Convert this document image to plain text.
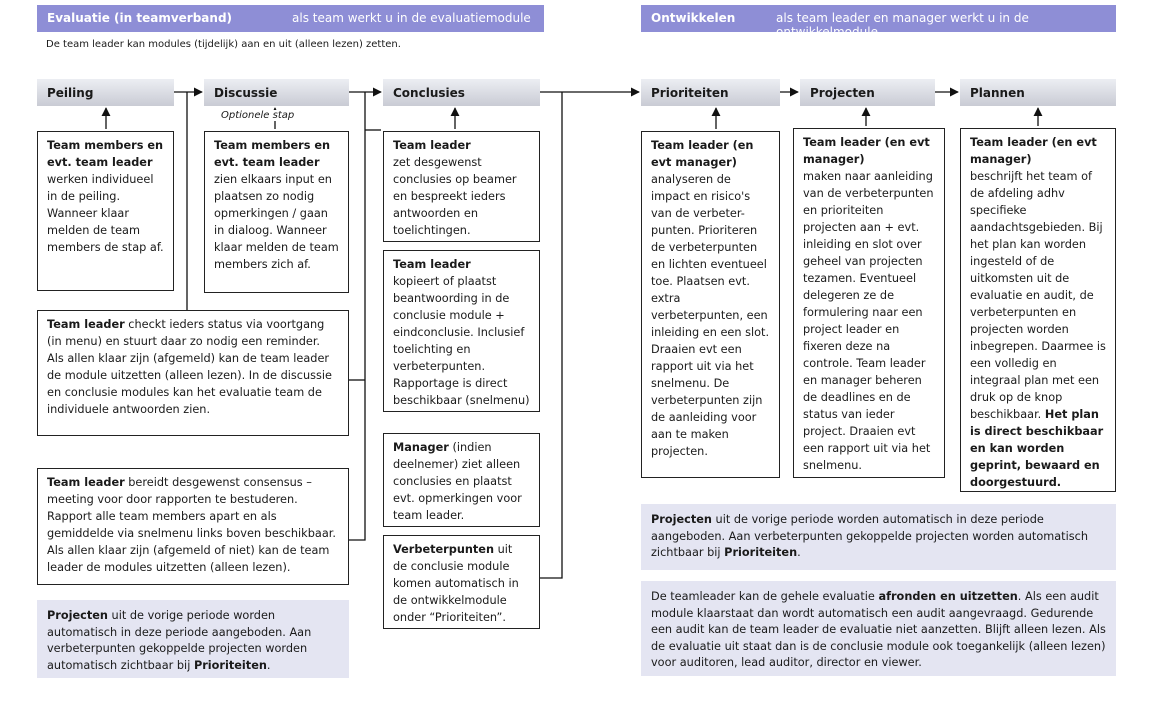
Evaluatie (in teamverband)	als team werkt u in de evaluatiemodule	Ontwikkelen	als team leader en manager werkt u in de ontwikkelmodule
De team leader kan modules (tijdelijk) aan en uit (alleen lezen) zetten.
Peiling	Discussie	Conclusies	Prioriteiten	Projecten	Plannen
Optionele stap
Team members en evt. team leader werken individueel in de peiling. Wanneer klaar melden de team members de stap af.
Team members en evt. team leader zien elkaars input en plaatsen zo nodig opmerkingen / gaan in dialoog. Wanneer klaar melden de team members zich af.
Team leader checkt ieders status via voortgang (in menu) en stuurt daar zo nodig een reminder. Als allen klaar zijn (afgemeld) kan de team leader de module uitzetten (alleen lezen). In de discussie en conclusie modules kan het evaluatie team de individuele antwoorden zien.
Team leader bereidt desgewenst consensus – meeting voor door rapporten te bestuderen. Rapport alle team members apart en als gemiddelde via snelmenu links boven beschikbaar. Als allen klaar zijn (afgemeld of niet) kan de team leader de modules uitzetten (alleen lezen).
Team leader
zet desgewenst conclusies op beamer en bespreekt ieders antwoorden en toelichtingen.
Team leader
kopieert of plaatst beantwoording in de conclusie module + eindconclusie. Inclusief toelichting en verbeterpunten. Rapportage is direct beschikbaar (snelmenu)
Manager (indien deelnemer) ziet alleen conclusies en plaatst evt. opmerkingen voor team leader.
Verbeterpunten uit de conclusie module komen automatisch in de ontwikkelmodule onder “Prioriteiten”.
Team leader (en evt manager)
analyseren de impact en risico's van de verbeter-punten. Prioriteren de verbeterpunten en lichten eventueel toe. Plaatsen evt. extra verbeterpunten, een inleiding en een slot. Draaien evt een rapport uit via het snelmenu. De verbeterpunten zijn de aanleiding voor aan te maken projecten.
Team leader (en evt manager)
maken naar aanleiding van de verbeterpunten en prioriteiten projecten aan + evt. inleiding en slot over geheel van projecten tezamen. Eventueel delegeren ze de formulering naar een project leader en fixeren deze na controle. Team leader en manager beheren de deadlines en de status van ieder project. Draaien evt een rapport uit via het snelmenu.
Team leader (en evt manager)
beschrijft het team of de afdeling adhv specifieke aandachtsgebieden. Bij het plan kan worden ingesteld of de uitkomsten uit de evaluatie en audit, de verbeterpunten en projecten worden inbegrepen. Daarmee is een volledig en integraal plan met een druk op de knop beschikbaar. Het plan is direct beschikbaar en kan worden geprint, bewaard en doorgestuurd.
Projecten uit de vorige periode worden automatisch in deze periode aangeboden. Aan verbeterpunten gekoppelde projecten worden automatisch zichtbaar bij Prioriteiten.
Projecten uit de vorige periode worden automatisch in deze periode aangeboden. Aan verbeterpunten gekoppelde projecten worden automatisch zichtbaar bij Prioriteiten.
De teamleader kan de gehele evaluatie afronden en uitzetten. Als een audit module klaarstaat dan wordt automatisch een audit aangevraagd. Gedurende een audit kan de team leader de evaluatie niet aanzetten. Blijft alleen lezen. Als de evaluatie uit staat dan is de conclusie module ook toegankelijk (alleen lezen) voor auditoren, lead auditor, director en viewer.
